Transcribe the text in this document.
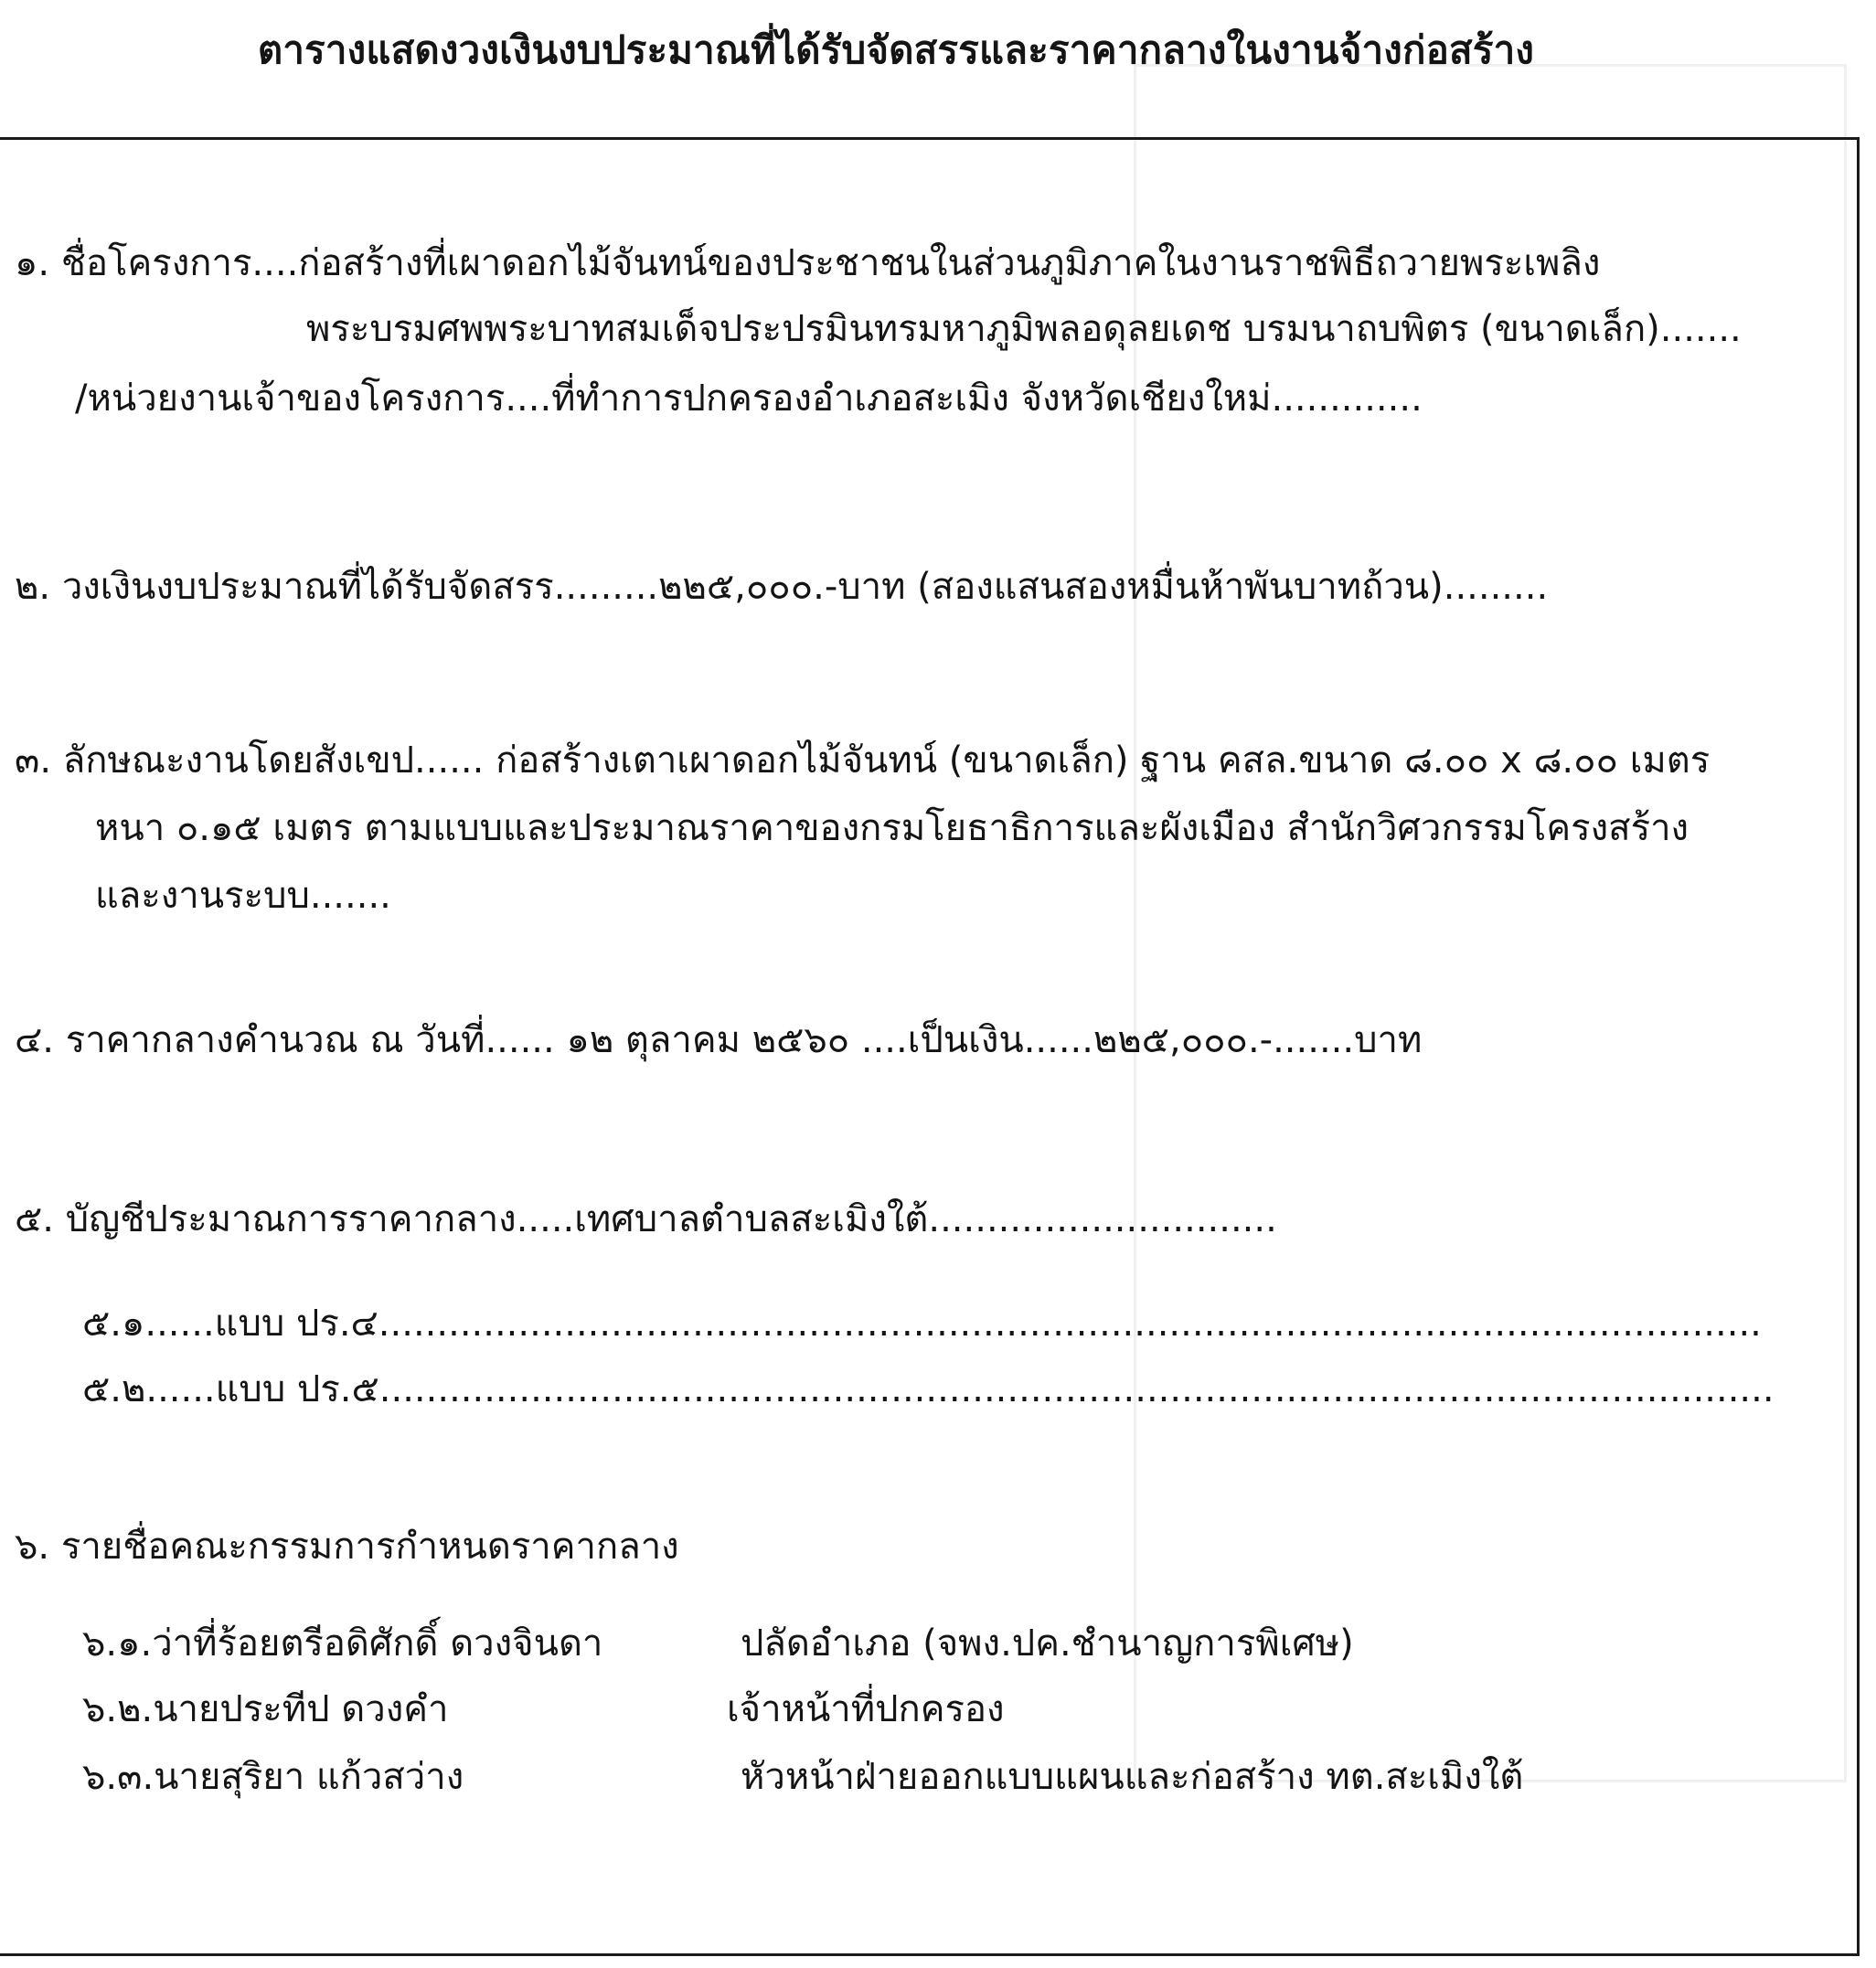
ตารางแสดงวงเงินงบประมาณที่ได้รับจัดสรรและราคากลางในงานจ้างก่อสร้าง
๑. ชื่อโครงการ....ก่อสร้างที่เผาดอกไม้จันทน์ของประชาชนในส่วนภูมิภาคในงานราชพิธีถวายพระเพลิง
พระบรมศพพระบาทสมเด็จประปรมินทรมหาภูมิพลอดุลยเดช บรมนาถบพิตร (ขนาดเล็ก).......
/หน่วยงานเจ้าของโครงการ....ที่ทำการปกครองอำเภอสะเมิง จังหวัดเชียงใหม่.............
๒. วงเงินงบประมาณที่ได้รับจัดสรร.........๒๒๕,๐๐๐.-บาท (สองแสนสองหมื่นห้าพันบาทถ้วน).........
๓. ลักษณะงานโดยสังเขป...... ก่อสร้างเตาเผาดอกไม้จันทน์ (ขนาดเล็ก) ฐาน คสล.ขนาด ๘.๐๐ x ๘.๐๐ เมตร
หนา ๐.๑๕ เมตร ตามแบบและประมาณราคาของกรมโยธาธิการและผังเมือง สำนักวิศวกรรมโครงสร้าง
และงานระบบ.......
๔. ราคากลางคำนวณ ณ วันที่...... ๑๒ ตุลาคม ๒๕๖๐ ....เป็นเงิน......๒๒๕,๐๐๐.-.......บาท
๕. บัญชีประมาณการราคากลาง.....เทศบาลตำบลสะเมิงใต้..............................
๕.๑......แบบ ปร.๔.......................................................................................................................
๕.๒......แบบ ปร.๕........................................................................................................................
๖. รายชื่อคณะกรรมการกำหนดราคากลาง
๖.๑.ว่าที่ร้อยตรีอดิศักดิ์ ดวงจินดา	ปลัดอำเภอ (จพง.ปค.ชำนาญการพิเศษ)
๖.๒.นายประทีป ดวงคำ	เจ้าหน้าที่ปกครอง
๖.๓.นายสุริยา แก้วสว่าง	หัวหน้าฝ่ายออกแบบแผนและก่อสร้าง ทต.สะเมิงใต้
